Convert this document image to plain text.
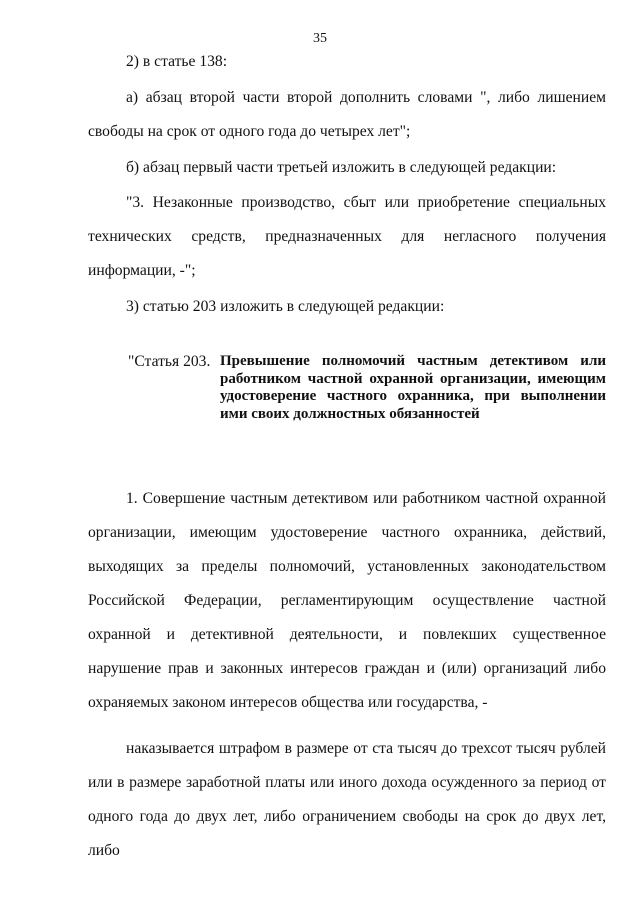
35

2) в статье 138:

а) абзац второй части второй дополнить словами ", либо лишением свободы на срок от одного года до четырех лет";

б) абзац первый части третьей изложить в следующей редакции:

"3. Незаконные производство, сбыт или приобретение специальных технических средств, предназначенных для негласного получения информации, -";

3) статью 203 изложить в следующей редакции:

"Статья 203. Превышение полномочий частным детективом или работником частной охранной организации, имеющим удостоверение частного охранника, при выполнении ими своих должностных обязанностей

1. Совершение частным детективом или работником частной охранной организации, имеющим удостоверение частного охранника, действий, выходящих за пределы полномочий, установленных законодательством Российской Федерации, регламентирующим осуществление частной охранной и детективной деятельности, и повлекших существенное нарушение прав и законных интересов граждан и (или) организаций либо охраняемых законом интересов общества или государства, -

наказывается штрафом в размере от ста тысяч до трехсот тысяч рублей или в размере заработной платы или иного дохода осужденного за период от одного года до двух лет, либо ограничением свободы на срок до двух лет, либо
